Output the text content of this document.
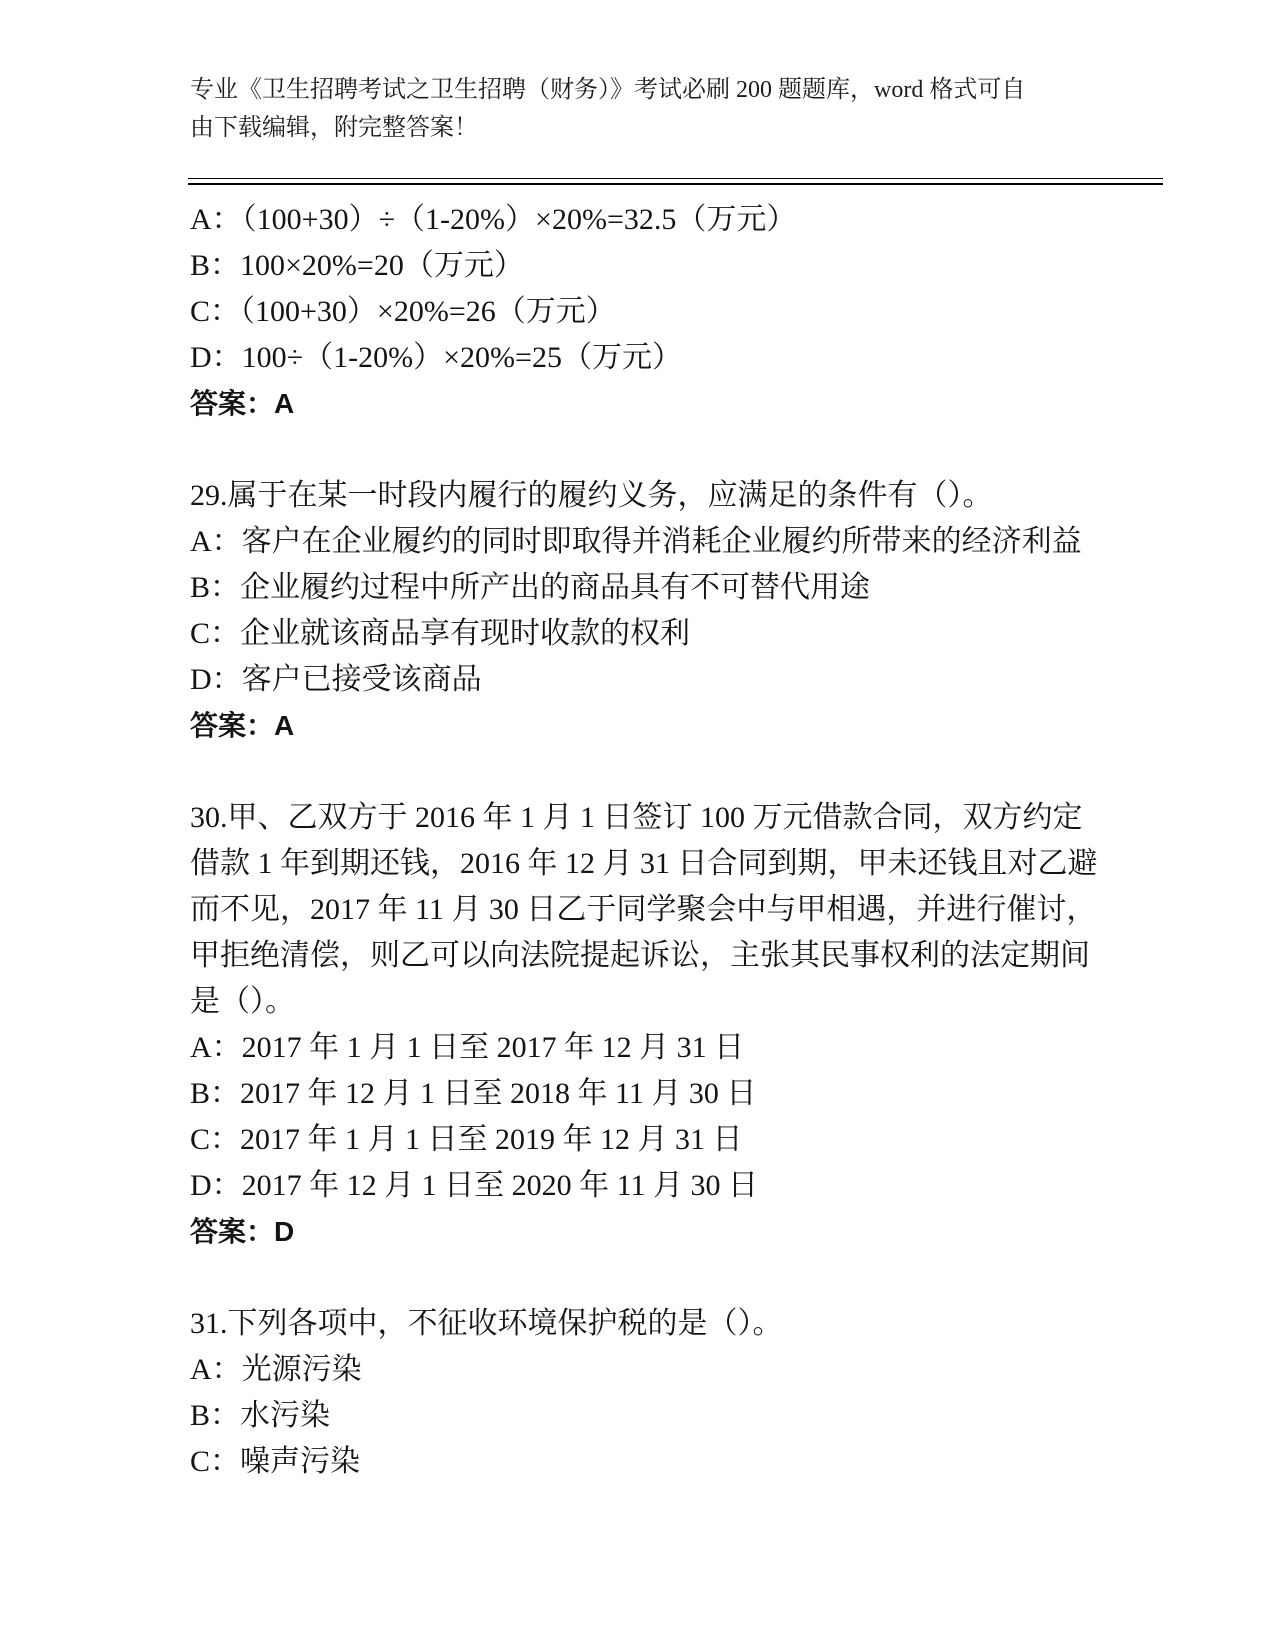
专业《卫生招聘考试之卫生招聘（财务）》考试必刷 200 题题库，word 格式可自
由下载编辑，附完整答案！
A：（100+30）÷（1-20%）×20%=32.5（万元）
B：100×20%=20（万元）
C：（100+30）×20%=26（万元）
D：100÷（1-20%）×20%=25（万元）
答案：A
29.属于在某一时段内履行的履约义务，应满足的条件有（）。
A：客户在企业履约的同时即取得并消耗企业履约所带来的经济利益
B：企业履约过程中所产出的商品具有不可替代用途
C：企业就该商品享有现时收款的权利
D：客户已接受该商品
答案：A
30.甲、乙双方于 2016 年 1 月 1 日签订 100 万元借款合同，双方约定
借款 1 年到期还钱，2016 年 12 月 31 日合同到期，甲未还钱且对乙避
而不见，2017 年 11 月 30 日乙于同学聚会中与甲相遇，并进行催讨，
甲拒绝清偿，则乙可以向法院提起诉讼，主张其民事权利的法定期间
是（）。
A：2017 年 1 月 1 日至 2017 年 12 月 31 日
B：2017 年 12 月 1 日至 2018 年 11 月 30 日
C：2017 年 1 月 1 日至 2019 年 12 月 31 日
D：2017 年 12 月 1 日至 2020 年 11 月 30 日
答案：D
31.下列各项中，不征收环境保护税的是（）。
A：光源污染
B：水污染
C：噪声污染
